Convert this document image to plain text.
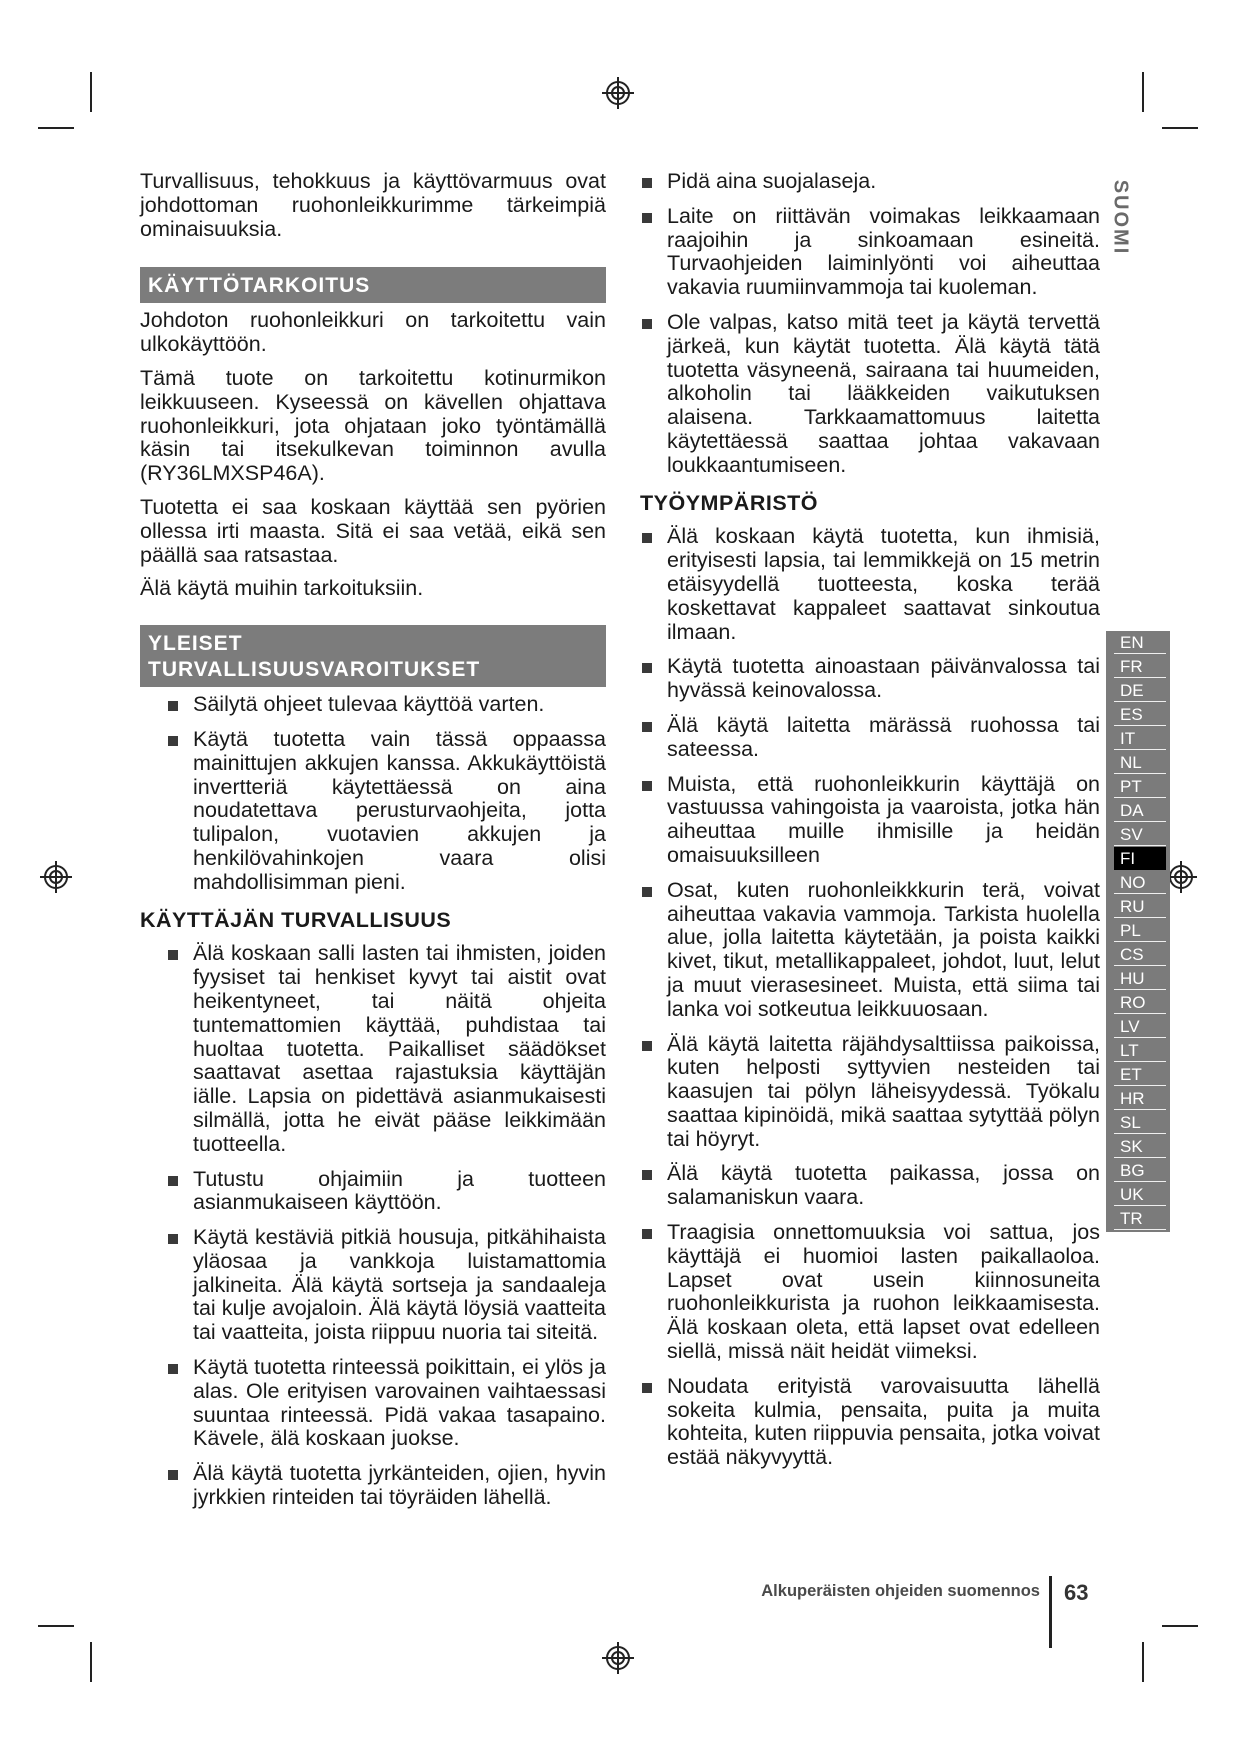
SUOMI

Turvallisuus, tehokkuus ja käyttövarmuus ovat johdottoman ruohonleikkurimme tärkeimpiä ominaisuuksia.

KÄYTTÖTARKOITUS

Johdoton ruohonleikkuri on tarkoitettu vain ulkokäyttöön.

Tämä tuote on tarkoitettu kotinurmikon leikkuuseen. Kyseessä on kävellen ohjattava ruohonleikkuri, jota ohjataan joko työntämällä käsin tai itsekulkevan toiminnon avulla (RY36LMXSP46A).

Tuotetta ei saa koskaan käyttää sen pyörien ollessa irti maasta. Sitä ei saa vetää, eikä sen päällä saa ratsastaa.

Älä käytä muihin tarkoituksiin.

YLEISET
TURVALLISUUSVAROITUKSET
Säilytä ohjeet tulevaa käyttöä varten.
Käytä tuotetta vain tässä oppaassa mainittujen akkujen kanssa. Akkukäyttöistä invertteriä käytettäessä on aina noudatettava perusturvaohjeita, jotta tulipalon, vuotavien akkujen ja henkilövahinkojen vaara olisi mahdollisimman pieni.
KÄYTTÄJÄN TURVALLISUUS
Älä koskaan salli lasten tai ihmisten, joiden fyysiset tai henkiset kyvyt tai aistit ovat heikentyneet, tai näitä ohjeita tuntemattomien käyttää, puhdistaa tai huoltaa tuotetta. Paikalliset säädökset saattavat asettaa rajastuksia käyttäjän iälle. Lapsia on pidettävä asianmukaisesti silmällä, jotta he eivät pääse leikkimään tuotteella.
Tutustu ohjaimiin ja tuotteen asianmukaiseen käyttöön.
Käytä kestäviä pitkiä housuja, pitkähihaista yläosaa ja vankkoja luistamattomia jalkineita. Älä käytä sortseja ja sandaaleja tai kulje avojaloin. Älä käytä löysiä vaatteita tai vaatteita, joista riippuu nuoria tai siteitä.
Käytä tuotetta rinteessä poikittain, ei ylös ja alas. Ole erityisen varovainen vaihtaessasi suuntaa rinteessä. Pidä vakaa tasapaino. Kävele, älä koskaan juokse.
Älä käytä tuotetta jyrkänteiden, ojien, hyvin jyrkkien rinteiden tai töyräiden lähellä.
Pidä aina suojalaseja.
Laite on riittävän voimakas leikkaamaan raajoihin ja sinkoamaan esineitä. Turvaohjeiden laiminlyönti voi aiheuttaa vakavia ruumiinvammoja tai kuoleman.
Ole valpas, katso mitä teet ja käytä tervettä järkeä, kun käytät tuotetta. Älä käytä tätä tuotetta väsyneenä, sairaana tai huumeiden, alkoholin tai lääkkeiden vaikutuksen alaisena. Tarkkaamattomuus laitetta käytettäessä saattaa johtaa vakavaan loukkaantumiseen.
TYÖYMPÄRISTÖ
Älä koskaan käytä tuotetta, kun ihmisiä, erityisesti lapsia, tai lemmikkejä on 15 metrin etäisyydellä tuotteesta, koska terää koskettavat kappaleet saattavat sinkoutua ilmaan.
Käytä tuotetta ainoastaan päivänvalossa tai hyvässä keinovalossa.
Älä käytä laitetta märässä ruohossa tai sateessa.
Muista, että ruohonleikkurin käyttäjä on vastuussa vahingoista ja vaaroista, jotka hän aiheuttaa muille ihmisille ja heidän omaisuuksilleen
Osat, kuten ruohonleikkkurin terä, voivat aiheuttaa vakavia vammoja. Tarkista huolella alue, jolla laitetta käytetään, ja poista kaikki kivet, tikut, metallikappaleet, johdot, luut, lelut ja muut vierasesineet. Muista, että siima tai lanka voi sotkeutua leikkuuosaan.
Älä käytä laitetta räjähdysalttiissa paikoissa, kuten helposti syttyvien nesteiden tai kaasujen tai pölyn läheisyydessä. Työkalu saattaa kipinöidä, mikä saattaa sytyttää pölyn tai höyryt.
Älä käytä tuotetta paikassa, jossa on salamaniskun vaara.
Traagisia onnettomuuksia voi sattua, jos käyttäjä ei huomioi lasten paikallaoloa. Lapset ovat usein kiinnosuneita ruohonleikkurista ja ruohon leikkaamisesta. Älä koskaan oleta, että lapset ovat edelleen siellä, missä näit heidät viimeksi.
Noudata erityistä varovaisuutta lähellä sokeita kulmia, pensaita, puita ja muita kohteita, kuten riippuvia pensaita, jotka voivat estää näkyvyyttä.
EN
FR
DE
ES
IT
NL
PT
DA
SV
FI
NO
RU
PL
CS
HU
RO
LV
LT
ET
HR
SL
SK
BG
UK
TR
Alkuperäisten ohjeiden suomennos 63
